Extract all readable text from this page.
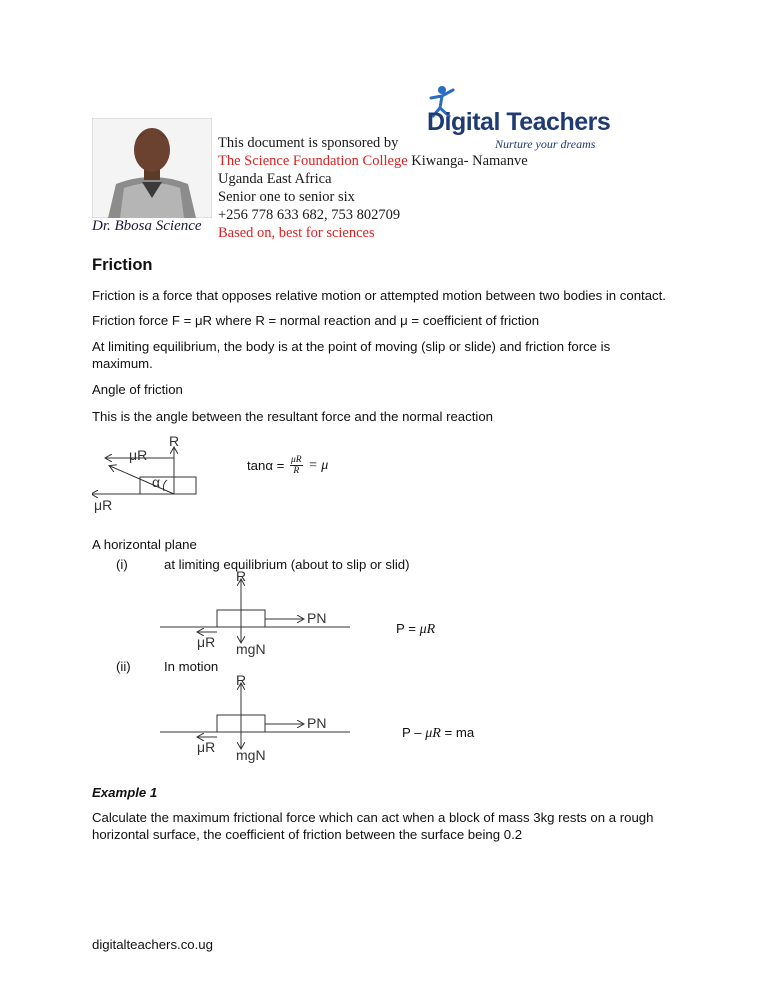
Dr. Bbosa Science
This document is sponsored by
The Science Foundation College Kiwanga- Namanve
Uganda East Africa
Senior one to senior six
+256 778 633 682, 753 802709
Based on, best for sciences
Digital Teachers
Nurture your dreams
Friction
Friction is a force that opposes relative motion or attempted motion between two bodies in contact.
Friction force F = μR where R = normal reaction and μ = coefficient of friction
At limiting equilibrium, the body is at the point of moving (slip or slide) and friction force is
maximum.
Angle of friction
This is the angle between the resultant force and the normal reaction
R
μR
α
μR
$\tan\alpha = \frac{\mu R}{R} = \mu$
A horizontal plane
(i)	at limiting equilibrium (about to slip or slid)
R
PN
μR mgN
P = μR
(ii)	In motion
R
PN
μR mgN
P – μR = ma
Example 1
Calculate the maximum frictional force which can act when a block of mass 3kg rests on a rough
horizontal surface, the coefficient of friction between the surface being 0.2
digitalteachers.co.ug
